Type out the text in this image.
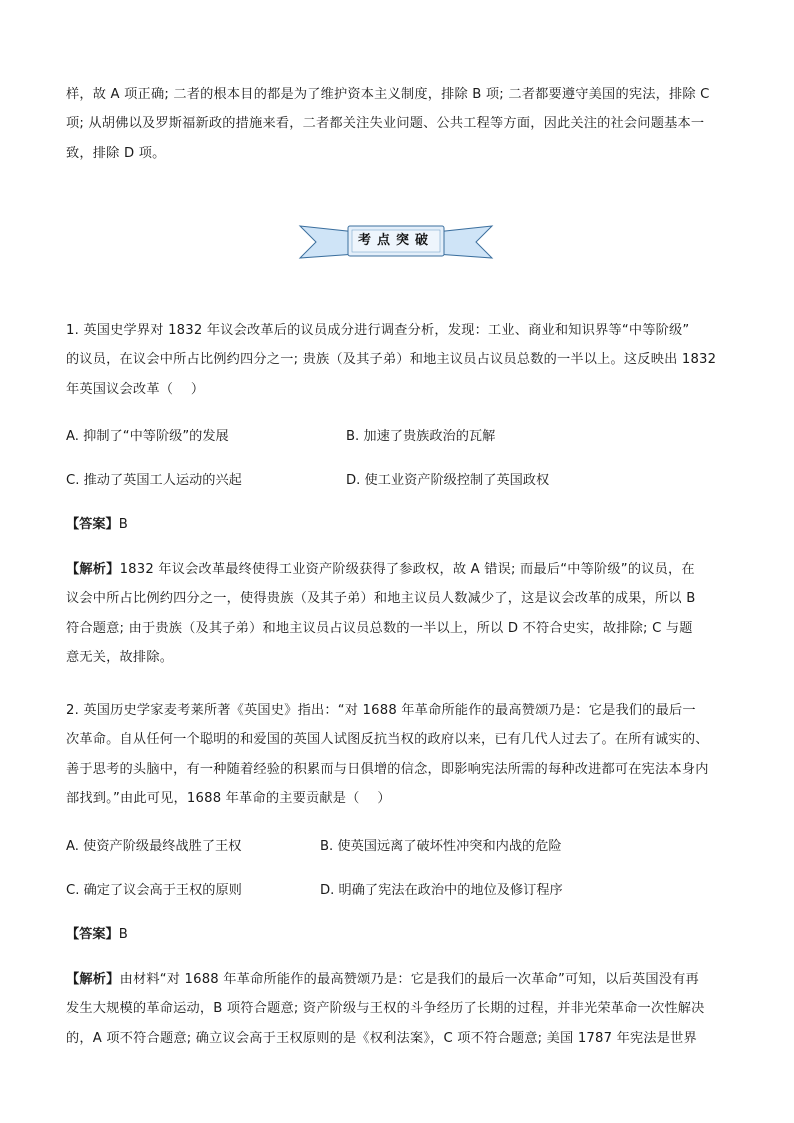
样，故 A 项正确; 二者的根本目的都是为了维护资本主义制度，排除 B 项; 二者都要遵守美国的宪法，排除 C
项; 从胡佛以及罗斯福新政的措施来看，二者都关注失业问题、公共工程等方面，因此关注的社会问题基本一
致，排除 D 项。
考点突破
1. 英国史学界对 1832 年议会改革后的议员成分进行调查分析，发现：工业、商业和知识界等“中等阶级”
的议员，在议会中所占比例约四分之一; 贵族（及其子弟）和地主议员占议员总数的一半以上。这反映出 1832
年英国议会改革（　 ）
A. 抑制了“中等阶级”的发展	B. 加速了贵族政治的瓦解
C. 推动了英国工人运动的兴起	D. 使工业资产阶级控制了英国政权
【答案】B
【解析】1832 年议会改革最终使得工业资产阶级获得了参政权，故 A 错误; 而最后“中等阶级”的议员，在
议会中所占比例约四分之一，使得贵族（及其子弟）和地主议员人数减少了，这是议会改革的成果，所以 B
符合题意; 由于贵族（及其子弟）和地主议员占议员总数的一半以上，所以 D 不符合史实，故排除; C 与题
意无关，故排除。
2. 英国历史学家麦考莱所著《英国史》指出：“对 1688 年革命所能作的最高赞颂乃是：它是我们的最后一
次革命。自从任何一个聪明的和爱国的英国人试图反抗当权的政府以来，已有几代人过去了。在所有诚实的、
善于思考的头脑中，有一种随着经验的积累而与日俱增的信念，即影响宪法所需的每种改进都可在宪法本身内
部找到。”由此可见，1688 年革命的主要贡献是（　 ）
A. 使资产阶级最终战胜了王权	B. 使英国远离了破坏性冲突和内战的危险
C. 确定了议会高于王权的原则	D. 明确了宪法在政治中的地位及修订程序
【答案】B
【解析】由材料“对 1688 年革命所能作的最高赞颂乃是：它是我们的最后一次革命”可知，以后英国没有再
发生大规模的革命运动，B 项符合题意; 资产阶级与王权的斗争经历了长期的过程，并非光荣革命一次性解决
的，A 项不符合题意; 确立议会高于王权原则的是《权利法案》，C 项不符合题意; 美国 1787 年宪法是世界
